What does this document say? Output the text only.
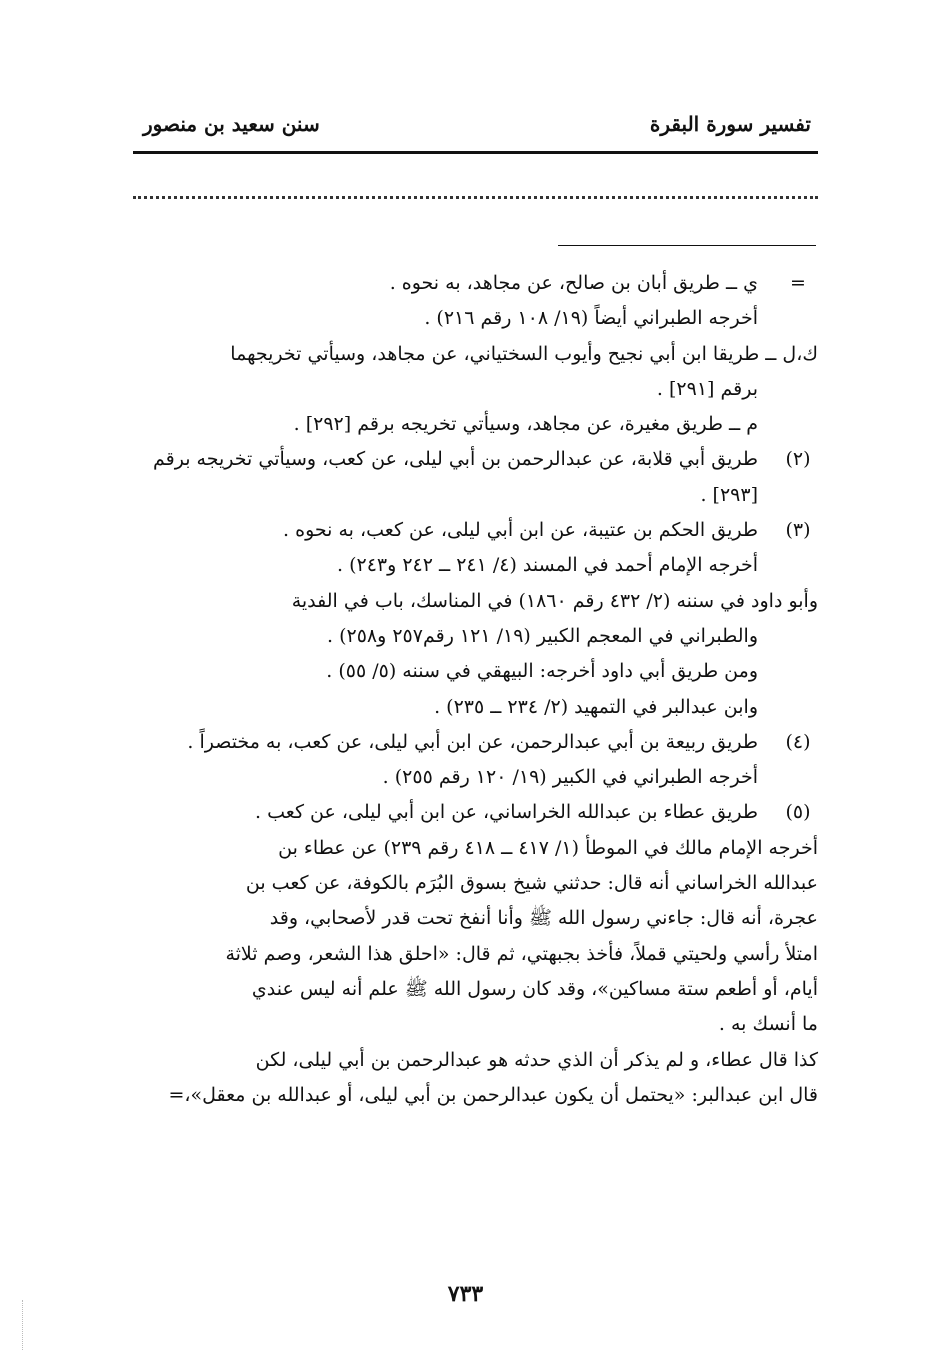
تفسير سورة البقرة
سنن سعيد بن منصور
=
ي ــ طريق أبان بن صالح، عن مجاهد، به نحوه .
أخرجه الطبراني أيضاً (١٩/ ١٠٨ رقم ٢١٦) .
ك،ل ــ طريقا ابن أبي نجيح وأيوب السختياني، عن مجاهد، وسيأتي تخريجهما
برقم [٢٩١] .
م ــ طريق مغيرة، عن مجاهد، وسيأتي تخريجه برقم [٢٩٢] .
(٢)
طريق أبي قلابة، عن عبدالرحمن بن أبي ليلى، عن كعب، وسيأتي تخريجه برقم
[٢٩٣] .
(٣)
طريق الحكم بن عتيبة، عن ابن أبي ليلى، عن كعب، به نحوه .
أخرجه الإمام أحمد في المسند (٤/ ٢٤١ ــ ٢٤٢ و٢٤٣) .
وأبو داود في سننه (٢/ ٤٣٢ رقم ١٨٦٠) في المناسك، باب في الفدية
والطبراني في المعجم الكبير (١٩/ ١٢١ رقم٢٥٧ و٢٥٨) .
ومن طريق أبي داود أخرجه: البيهقي في سننه (٥/ ٥٥) .
وابن عبدالبر في التمهيد (٢/ ٢٣٤ ــ ٢٣٥) .
(٤)
طريق ربيعة بن أبي عبدالرحمن، عن ابن أبي ليلى، عن كعب، به مختصراً .
أخرجه الطبراني في الكبير (١٩/ ١٢٠ رقم ٢٥٥) .
(٥)
طريق عطاء بن عبدالله الخراساني، عن ابن أبي ليلى، عن كعب .
أخرجه الإمام مالك في الموطأ (١/ ٤١٧ ــ ٤١٨ رقم ٢٣٩) عن عطاء بن
عبدالله الخراساني أنه قال: حدثني شيخ بسوق البُرَم بالكوفة، عن كعب بن
عجرة، أنه قال: جاءني رسول الله ﷺ وأنا أنفخ تحت قدر لأصحابي، وقد
امتلأ رأسي ولحيتي قملاً، فأخذ بجبهتي، ثم قال: «احلق هذا الشعر، وصم ثلاثة
أيام، أو أطعم ستة مساكين»، وقد كان رسول الله ﷺ علم أنه ليس عندي
ما أنسك به .
كذا قال عطاء، و لم يذكر أن الذي حدثه هو عبدالرحمن بن أبي ليلى، لكن
قال ابن عبدالبر: «يحتمل أن يكون عبدالرحمن بن أبي ليلى، أو عبدالله بن معقل»،=
٧٣٣
